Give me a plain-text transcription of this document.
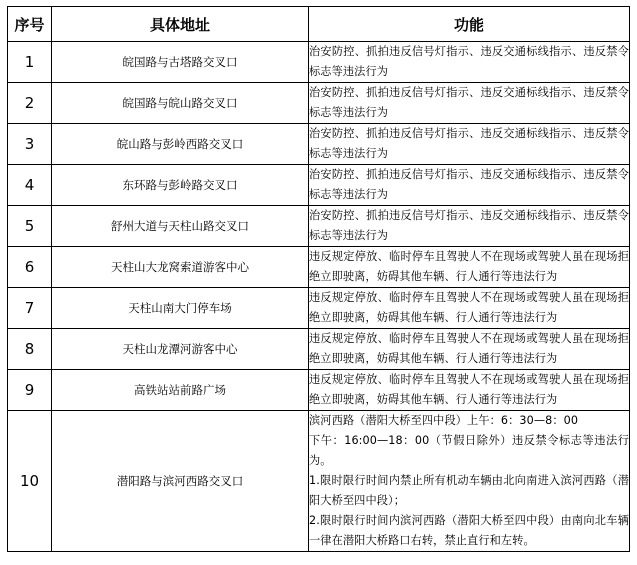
序号	具体地址	功能
1	皖国路与古塔路交叉口	治安防控、抓拍违反信号灯指示、违反交通标线指示、违反禁令标志等违法行为
2	皖国路与皖山路交叉口	治安防控、抓拍违反信号灯指示、违反交通标线指示、违反禁令标志等违法行为
3	皖山路与彭岭西路交叉口	治安防控、抓拍违反信号灯指示、违反交通标线指示、违反禁令标志等违法行为
4	东环路与彭岭路交叉口	治安防控、抓拍违反信号灯指示、违反交通标线指示、违反禁令标志等违法行为
5	舒州大道与天柱山路交叉口	治安防控、抓拍违反信号灯指示、违反交通标线指示、违反禁令标志等违法行为
6	天柱山大龙窝索道游客中心	违反规定停放、临时停车且驾驶人不在现场或驾驶人虽在现场拒绝立即驶离，妨碍其他车辆、行人通行等违法行为
7	天柱山南大门停车场	违反规定停放、临时停车且驾驶人不在现场或驾驶人虽在现场拒绝立即驶离，妨碍其他车辆、行人通行等违法行为
8	天柱山龙潭河游客中心	违反规定停放、临时停车且驾驶人不在现场或驾驶人虽在现场拒绝立即驶离，妨碍其他车辆、行人通行等违法行为
9	高铁站站前路广场	违反规定停放、临时停车且驾驶人不在现场或驾驶人虽在现场拒绝立即驶离，妨碍其他车辆、行人通行等违法行为
10	潜阳路与滨河西路交叉口	滨河西路（潜阳大桥至四中段）上午：6：30—8：00
下午：16:00—18：00（节假日除外）违反禁令标志等违法行为。
1.限时限行时间内禁止所有机动车辆由北向南进入滨河西路（潜阳大桥至四中段）；
2.限时限行时间内滨河西路（潜阳大桥至四中段）由南向北车辆一律在潜阳大桥路口右转，禁止直行和左转。
